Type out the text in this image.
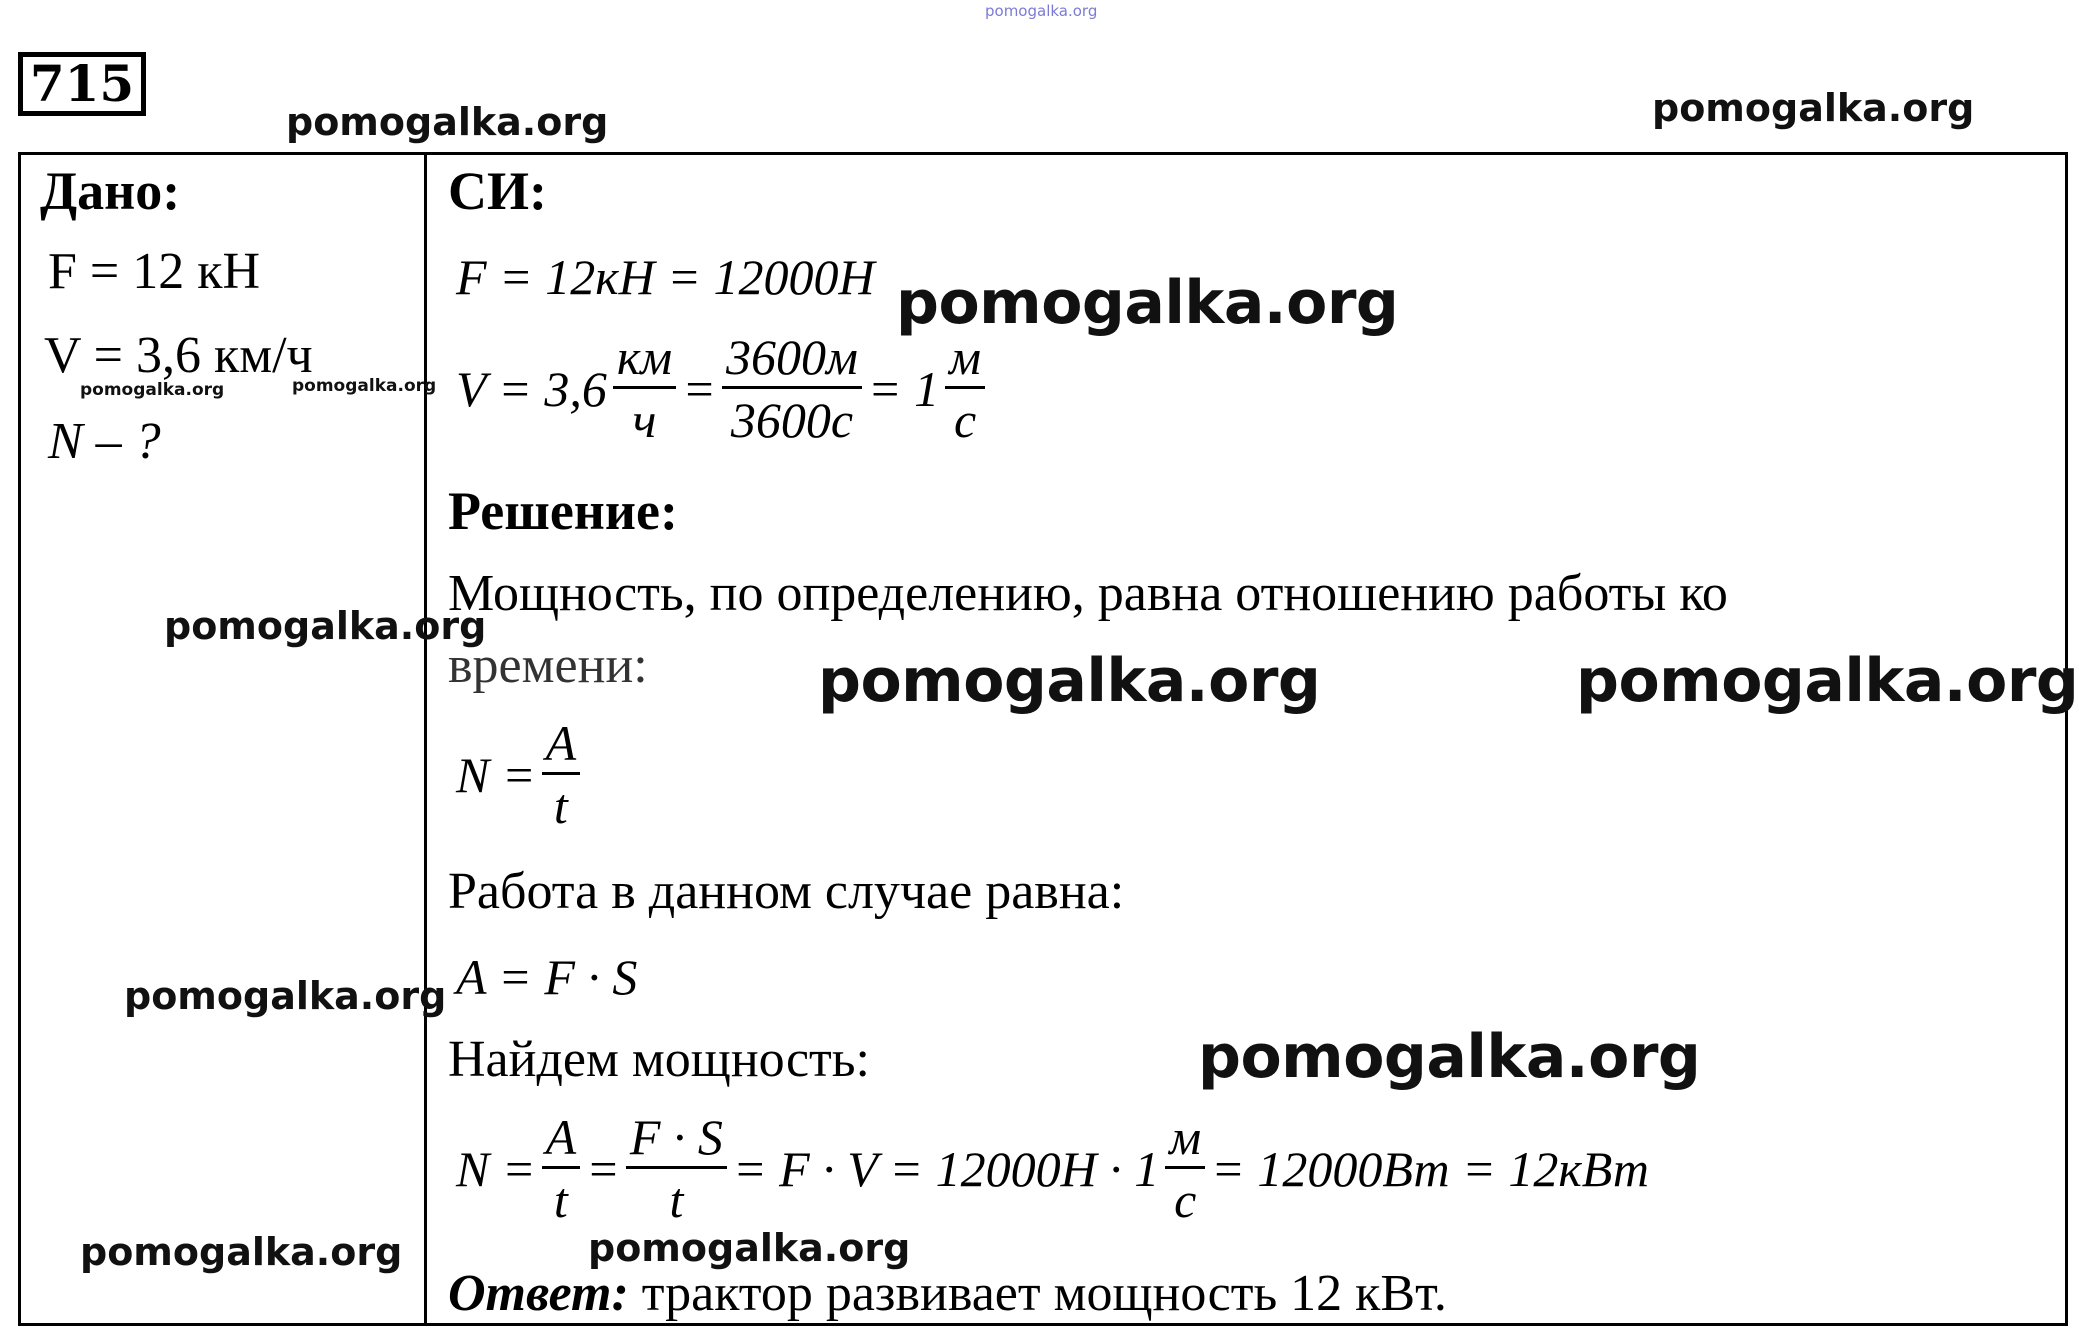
pomogalka.org
715
Дано:
F = 12 кН
V = 3,6 км/ч
N – ?
СИ:
F = 12кН = 12000Н
$V = 3,6 \frac{км}{ч} = \frac{3600м}{3600с} = 1 \frac{м}{с}$
Решение:
Мощность, по определению, равна отношению работы ко
времени:
$N = \frac{A}{t}$
Работа в данном случае равна:
A = F · S
Найдем мощность:
$N = \frac{A}{t} = \frac{F \cdot S}{t} = F \cdot V = 12000H \cdot 1 \frac{м}{с} = 12000Вт = 12кВт$
Ответ: трактор развивает мощность 12 кВт.
pomogalka.org	pomogalka.org
pomogalka.org
pomogalka.org	pomogalka.org
pomogalka.org
pomogalka.org	pomogalka.org
pomogalka.org
pomogalka.org
pomogalka.org	pomogalka.org
